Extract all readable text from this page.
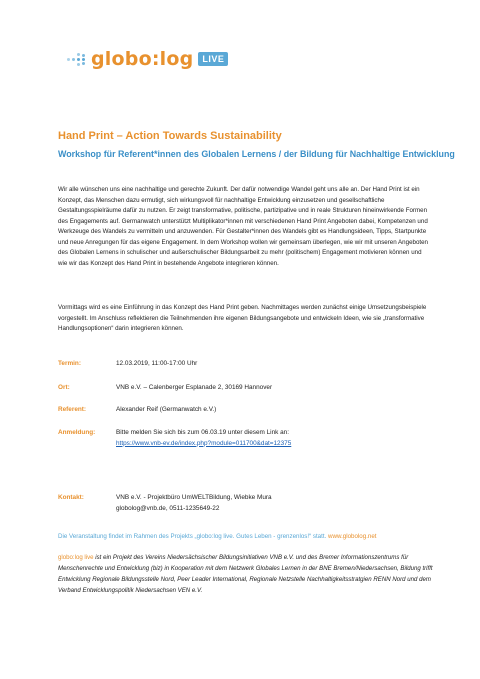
globo:log	LIVE
Hand Print – Action Towards Sustainability
Workshop für Referent*innen des Globalen Lernens / der Bildung für Nachhaltige Entwicklung
Wir alle wünschen uns eine nachhaltige und gerechte Zukunft. Der dafür notwendige Wandel geht uns alle an. Der Hand Print ist ein Konzept, das Menschen dazu ermutigt, sich wirkungsvoll für nachhaltige Entwicklung einzusetzen und gesellschaftliche Gestaltungsspielräume dafür zu nutzen. Er zeigt transformative, politische, partizipative und in reale Strukturen hineinwirkende Formen des Engagements auf. Germanwatch unterstützt Multiplikator*innen mit verschiedenen Hand Print Angeboten dabei, Kompetenzen und Werkzeuge des Wandels zu vermitteln und anzuwenden. Für Gestalter*innen des Wandels gibt es Handlungsideen, Tipps, Startpunkte und neue Anregungen für das eigene Engagement. In dem Workshop wollen wir gemeinsam überlegen, wie wir mit unseren Angeboten des Globalen Lernens in schulischer und außerschulischer Bildungsarbeit zu mehr (politischem) Engagement motivieren können und wie wir das Konzept des Hand Print in bestehende Angebote integrieren können.
Vormittags wird es eine Einführung in das Konzept des Hand Print geben. Nachmittages werden zunächst einige Umsetzungsbeispiele vorgestellt. Im Anschluss reflektieren die Teilnehmenden ihre eigenen Bildungsangebote und entwickeln Ideen, wie sie „transformative Handlungsoptionen“ darin integrieren können.
Termin:	12.03.2019, 11:00-17:00 Uhr
Ort:	VNB e.V. – Calenberger Esplanade 2, 30169 Hannover
Referent:	Alexander Reif (Germanwatch e.V.)
Anmeldung:	Bitte melden Sie sich bis zum 06.03.19 unter diesem Link an:
https://www.vnb-ev.de/index.php?module=011700&dat=12375
Kontakt:	VNB e.V. - Projektbüro UmWELTBildung, Wiebke Mura
globolog@vnb.de, 0511-1235649-22
Die Veranstaltung findet im Rahmen des Projekts „globo:log live. Gutes Leben - grenzenlos!“ statt. www.globolog.net
globo:log live ist ein Projekt des Vereins Niedersächsischer Bildungsinitiativen VNB e.V. und des Bremer Informationszentrums für Menschenrechte und Entwicklung (biz) in Kooperation mit dem Netzwerk Globales Lernen in der BNE Bremen/Niedersachsen, Bildung trifft Entwicklung Regionale Bildungsstelle Nord, Peer Leader International, Regionale Netzstelle Nachhaltigkeitsstratgien RENN Nord und dem Verband Entwicklungspolitik Niedersachsen VEN e.V.
